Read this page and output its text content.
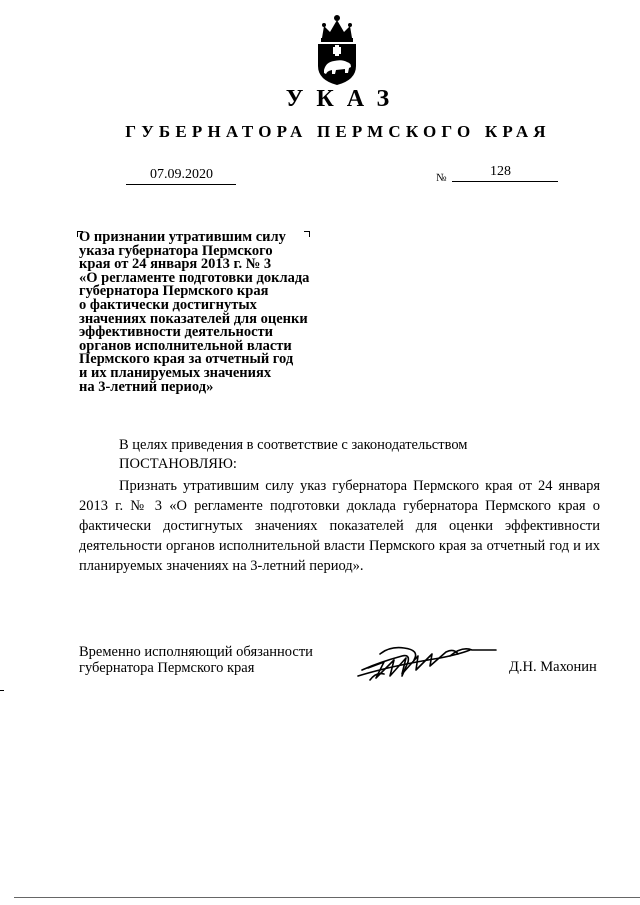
УКАЗ
ГУБЕРНАТОРА ПЕРМСКОГО КРАЯ
07.09.2020	№	128

О признании утратившим силу
указа губернатора Пермского
края от 24 января 2013 г. № 3
«О регламенте подготовки доклада
губернатора Пермского края
о фактически достигнутых
значениях показателей для оценки
эффективности деятельности
органов исполнительной власти
Пермского края за отчетный год
и их планируемых значениях
на 3-летний период»

В целях приведения в соответствие с законодательством
ПОСТАНОВЛЯЮ:

Признать утратившим силу указ губернатора Пермского края от 24 января 2013 г. № 3 «О регламенте подготовки доклада губернатора Пермского края о фактически достигнутых значениях показателей для оценки эффективности деятельности органов исполнительной власти Пермского края за отчетный год и их планируемых значениях на 3-летний период».

Временно исполняющий обязанности
губернатора Пермского края	Д.Н. Махонин
